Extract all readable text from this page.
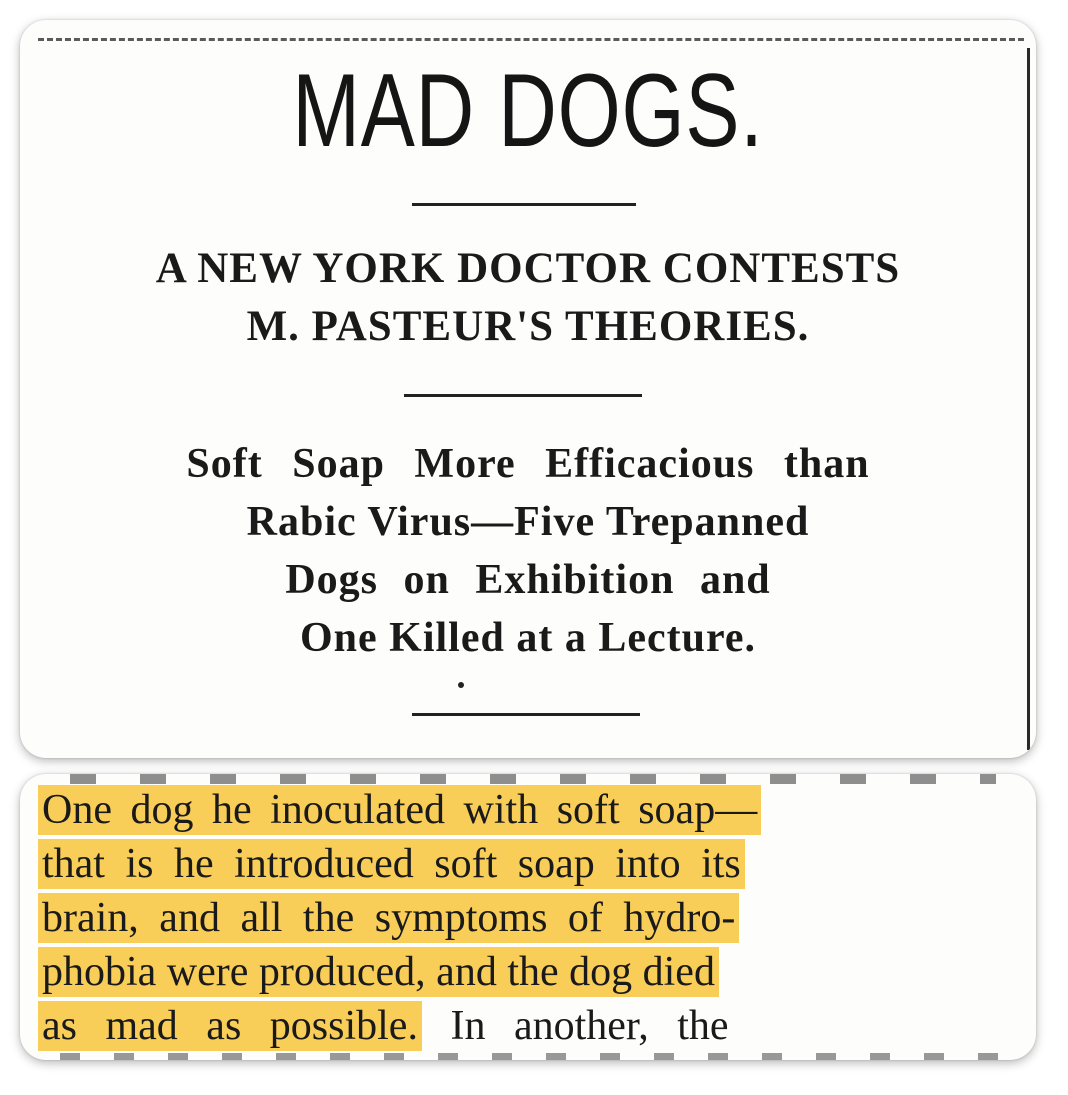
MAD DOGS.
A NEW YORK DOCTOR CONTESTS
M. PASTEUR'S THEORIES.
Soft Soap More Efficacious than
Rabic Virus—Five Trepanned
Dogs on Exhibition and
One Killed at a Lecture.
One dog he inoculated with soft soap—
that is he introduced soft soap into its
brain, and all the symptoms of hydro-
phobia were produced, and the dog died
as mad as possible. In another, the
